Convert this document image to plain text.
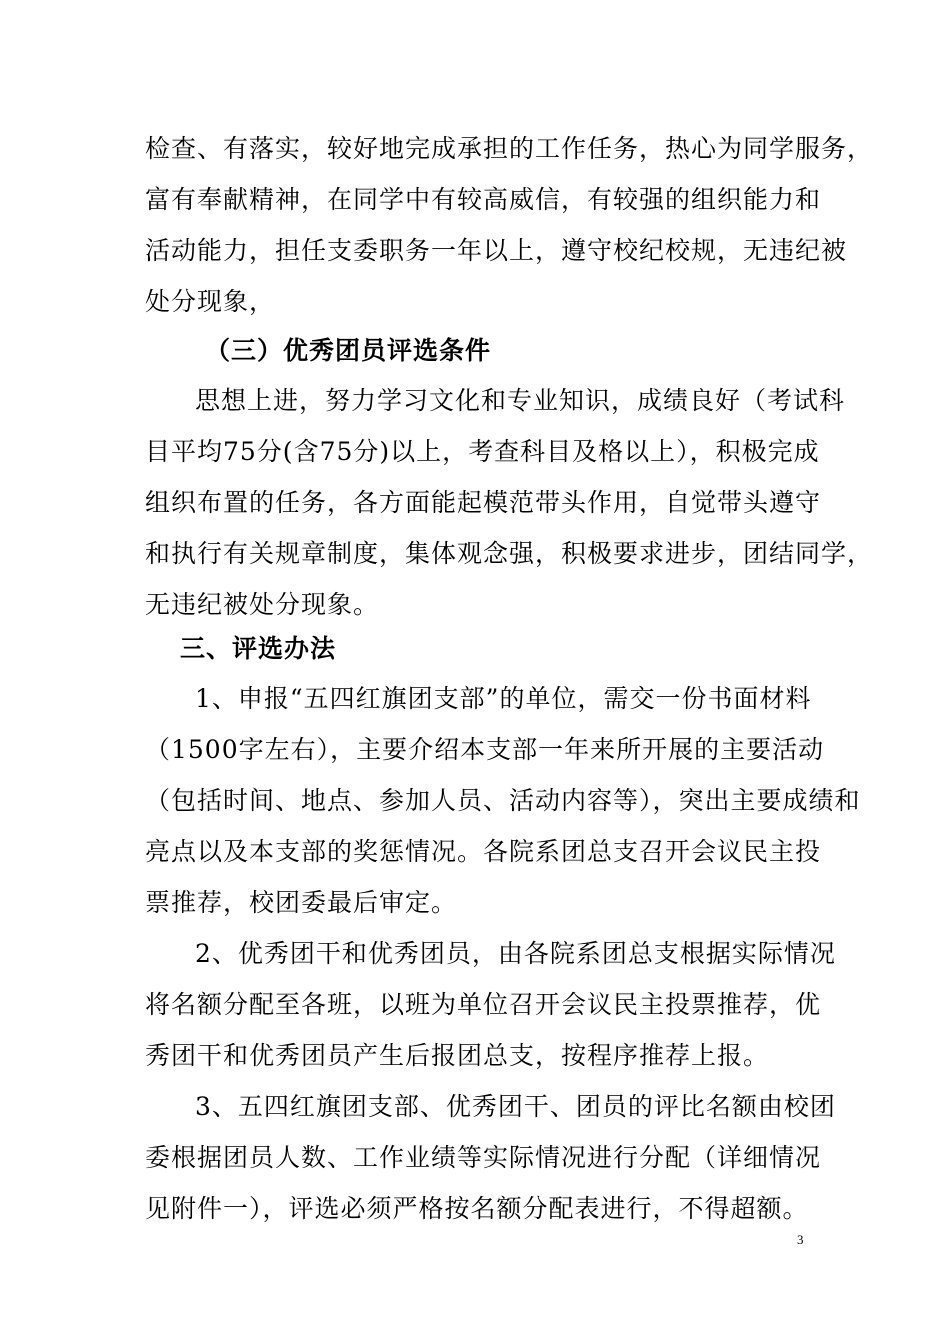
检查、有落实，较好地完成承担的工作任务，热心为同学服务，
富有奉献精神，在同学中有较高威信，有较强的组织能力和
活动能力，担任支委职务一年以上，遵守校纪校规，无违纪被
处分现象，
（三）优秀团员评选条件
思想上进，努力学习文化和专业知识，成绩良好（考试科
目平均75分(含75分)以上，考查科目及格以上），积极完成
组织布置的任务，各方面能起模范带头作用，自觉带头遵守
和执行有关规章制度，集体观念强，积极要求进步，团结同学，
无违纪被处分现象。
三、评选办法
1、申报“五四红旗团支部”的单位，需交一份书面材料
（1500字左右），主要介绍本支部一年来所开展的主要活动
（包括时间、地点、参加人员、活动内容等），突出主要成绩和
亮点以及本支部的奖惩情况。各院系团总支召开会议民主投
票推荐，校团委最后审定。
2、优秀团干和优秀团员，由各院系团总支根据实际情况
将名额分配至各班，以班为单位召开会议民主投票推荐，优
秀团干和优秀团员产生后报团总支，按程序推荐上报。
3、五四红旗团支部、优秀团干、团员的评比名额由校团
委根据团员人数、工作业绩等实际情况进行分配（详细情况
见附件一），评选必须严格按名额分配表进行，不得超额。
3
